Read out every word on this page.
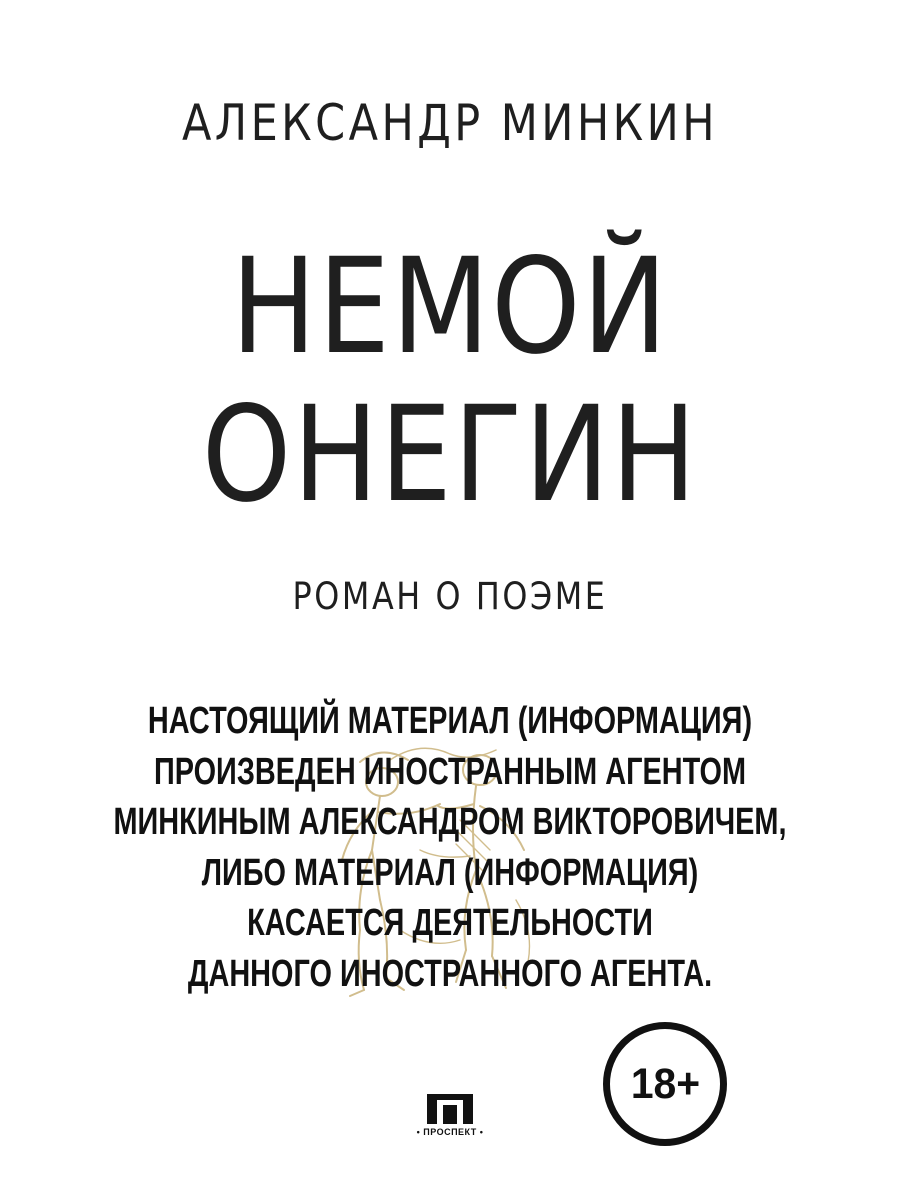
АЛЕКСАНДР МИНКИН
НЕМОЙ
ОНЕГИН
РОМАН О ПОЭМЕ
НАСТОЯЩИЙ МАТЕРИАЛ (ИНФОРМАЦИЯ)
ПРОИЗВЕДЕН ИНОСТРАННЫМ АГЕНТОМ
МИНКИНЫМ АЛЕКСАНДРОМ ВИКТОРОВИЧЕМ,
ЛИБО МАТЕРИАЛ (ИНФОРМАЦИЯ)
КАСАЕТСЯ ДЕЯТЕЛЬНОСТИ
ДАННОГО ИНОСТРАННОГО АГЕНТА.
18+
• ПРОСПЕКТ •
